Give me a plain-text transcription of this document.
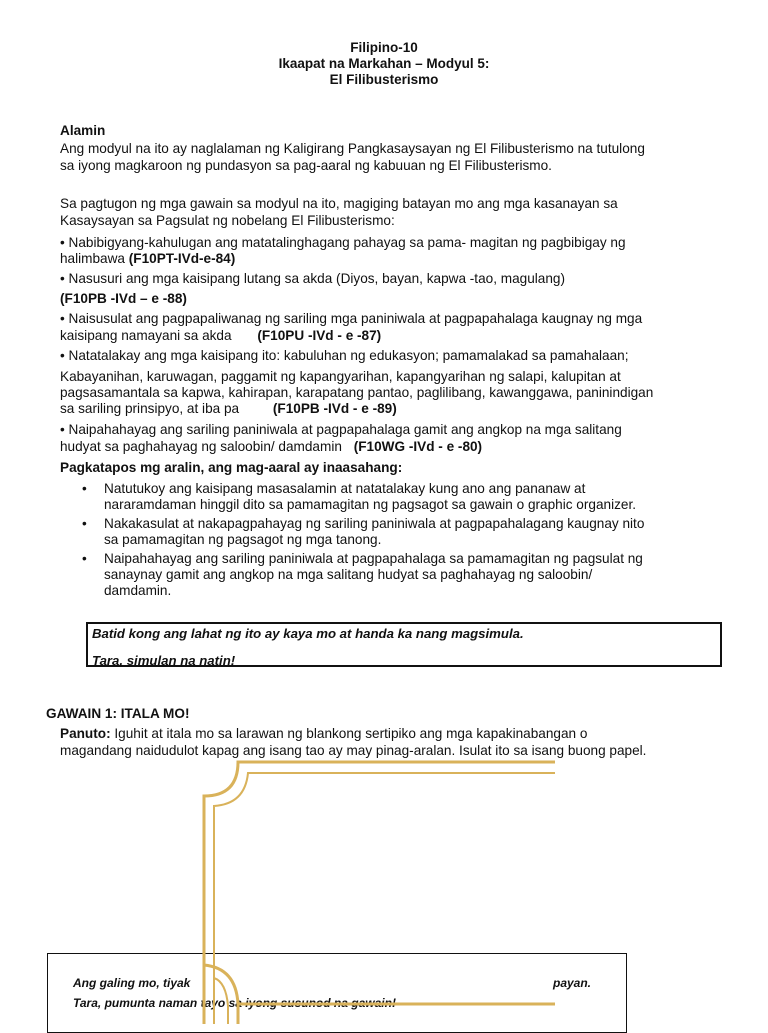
Filipino-10
Ikaapat na Markahan – Modyul 5:
El Filibusterismo
Alamin
Ang modyul na ito ay naglalaman ng Kaligirang Pangkasaysayan ng El Filibusterismo na tutulong
sa iyong magkaroon ng pundasyon sa pag-aaral ng kabuuan ng El Filibusterismo.
Sa pagtugon ng mga gawain sa modyul na ito, magiging batayan mo ang mga kasanayan sa
Kasaysayan sa Pagsulat ng nobelang El Filibusterismo:
• Nabibigyang-kahulugan ang matatalinghagang pahayag sa pama- magitan ng pagbibigay ng
halimbawa (F10PT-IVd-e-84)
• Nasusuri ang mga kaisipang lutang sa akda (Diyos, bayan, kapwa -tao, magulang)
(F10PB -IVd – e -88)
• Naisusulat ang pagpapaliwanag ng sariling mga paniniwala at pagpapahalaga kaugnay ng mga
kaisipang namayani sa akda (F10PU -IVd - e -87)
• Natatalakay ang mga kaisipang ito: kabuluhan ng edukasyon; pamamalakad sa pamahalaan;
Kabayanihan, karuwagan, paggamit ng kapangyarihan, kapangyarihan ng salapi, kalupitan at
pagsasamantala sa kapwa, kahirapan, karapatang pantao, paglilibang, kawanggawa, paninindigan
sa sariling prinsipyo, at iba pa (F10PB -IVd - e -89)
• Naipahahayag ang sariling paniniwala at pagpapahalaga gamit ang angkop na mga salitang
hudyat sa paghahayag ng saloobin/ damdamin (F10WG -IVd - e -80)
Pagkatapos mg aralin, ang mag-aaral ay inaasahang:
• Natutukoy ang kaisipang masasalamin at natatalakay kung ano ang pananaw at
nararamdaman hinggil dito sa pamamagitan ng pagsagot sa gawain o graphic organizer.
• Nakakasulat at nakapagpahayag ng sariling paniniwala at pagpapahalagang kaugnay nito
sa pamamagitan ng pagsagot ng mga tanong.
• Naipahahayag ang sariling paniniwala at pagpapahalaga sa pamamagitan ng pagsulat ng
sanaynay gamit ang angkop na mga salitang hudyat sa paghahayag ng saloobin/
damdamin.

Batid kong ang lahat ng ito ay kaya mo at handa ka nang magsimula.

Tara, simulan na natin!

GAWAIN 1: ITALA MO!
Panuto: Iguhit at itala mo sa larawan ng blankong sertipiko ang mga kapakinabangan o
magandang naidudulot kapag ang isang tao ay may pinag-aralan. Isulat ito sa isang buong papel.

Ang galing mo, tiyak	payan.

Tara, pumunta naman tayo sa iyong susunod na gawain!
